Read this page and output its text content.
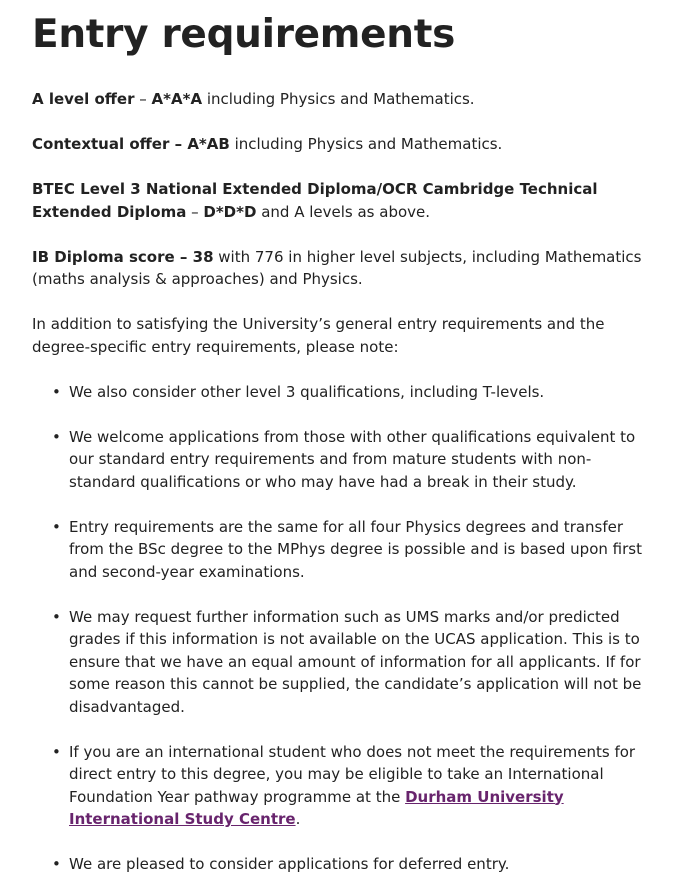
Entry requirements

A level offer – A*A*A including Physics and Mathematics.

Contextual offer – A*AB including Physics and Mathematics.

BTEC Level 3 National Extended Diploma/OCR Cambridge Technical Extended Diploma – D*D*D and A levels as above.

IB Diploma score – 38 with 776 in higher level subjects, including Mathematics (maths analysis & approaches) and Physics.

In addition to satisfying the University’s general entry requirements and the degree-specific entry requirements, please note:

• We also consider other level 3 qualifications, including T-levels.
• We welcome applications from those with other qualifications equivalent to our standard entry requirements and from mature students with non-standard qualifications or who may have had a break in their study.
• Entry requirements are the same for all four Physics degrees and transfer from the BSc degree to the MPhys degree is possible and is based upon first and second-year examinations.
• We may request further information such as UMS marks and/or predicted grades if this information is not available on the UCAS application. This is to ensure that we have an equal amount of information for all applicants. If for some reason this cannot be supplied, the candidate’s application will not be disadvantaged.
• If you are an international student who does not meet the requirements for direct entry to this degree, you may be eligible to take an International Foundation Year pathway programme at the Durham University International Study Centre.
• We are pleased to consider applications for deferred entry.
